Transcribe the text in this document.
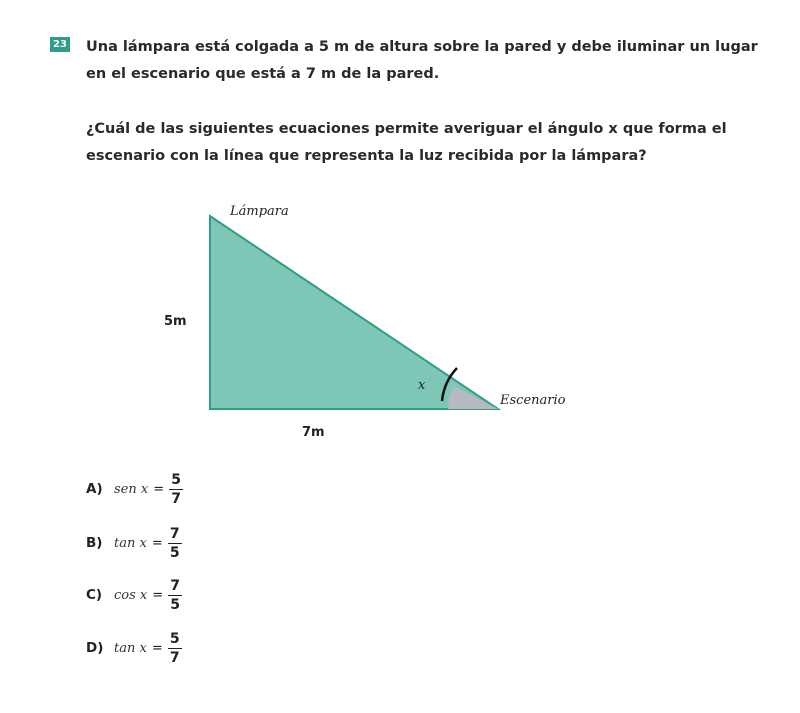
23 Una lámpara está colgada a 5 m de altura sobre la pared y debe iluminar un lugar en el escenario que está a 7 m de la pared.
¿Cuál de las siguientes ecuaciones permite averiguar el ángulo x que forma el escenario con la línea que representa la luz recibida por la lámpara?
Lámpara
5m
7m
x
Escenario
A) sen $x = \frac{5}{7}$
B) $\tan x = \frac{7}{5}$
C) $\cos x = \frac{7}{5}$
D) $\tan x = \frac{5}{7}$
